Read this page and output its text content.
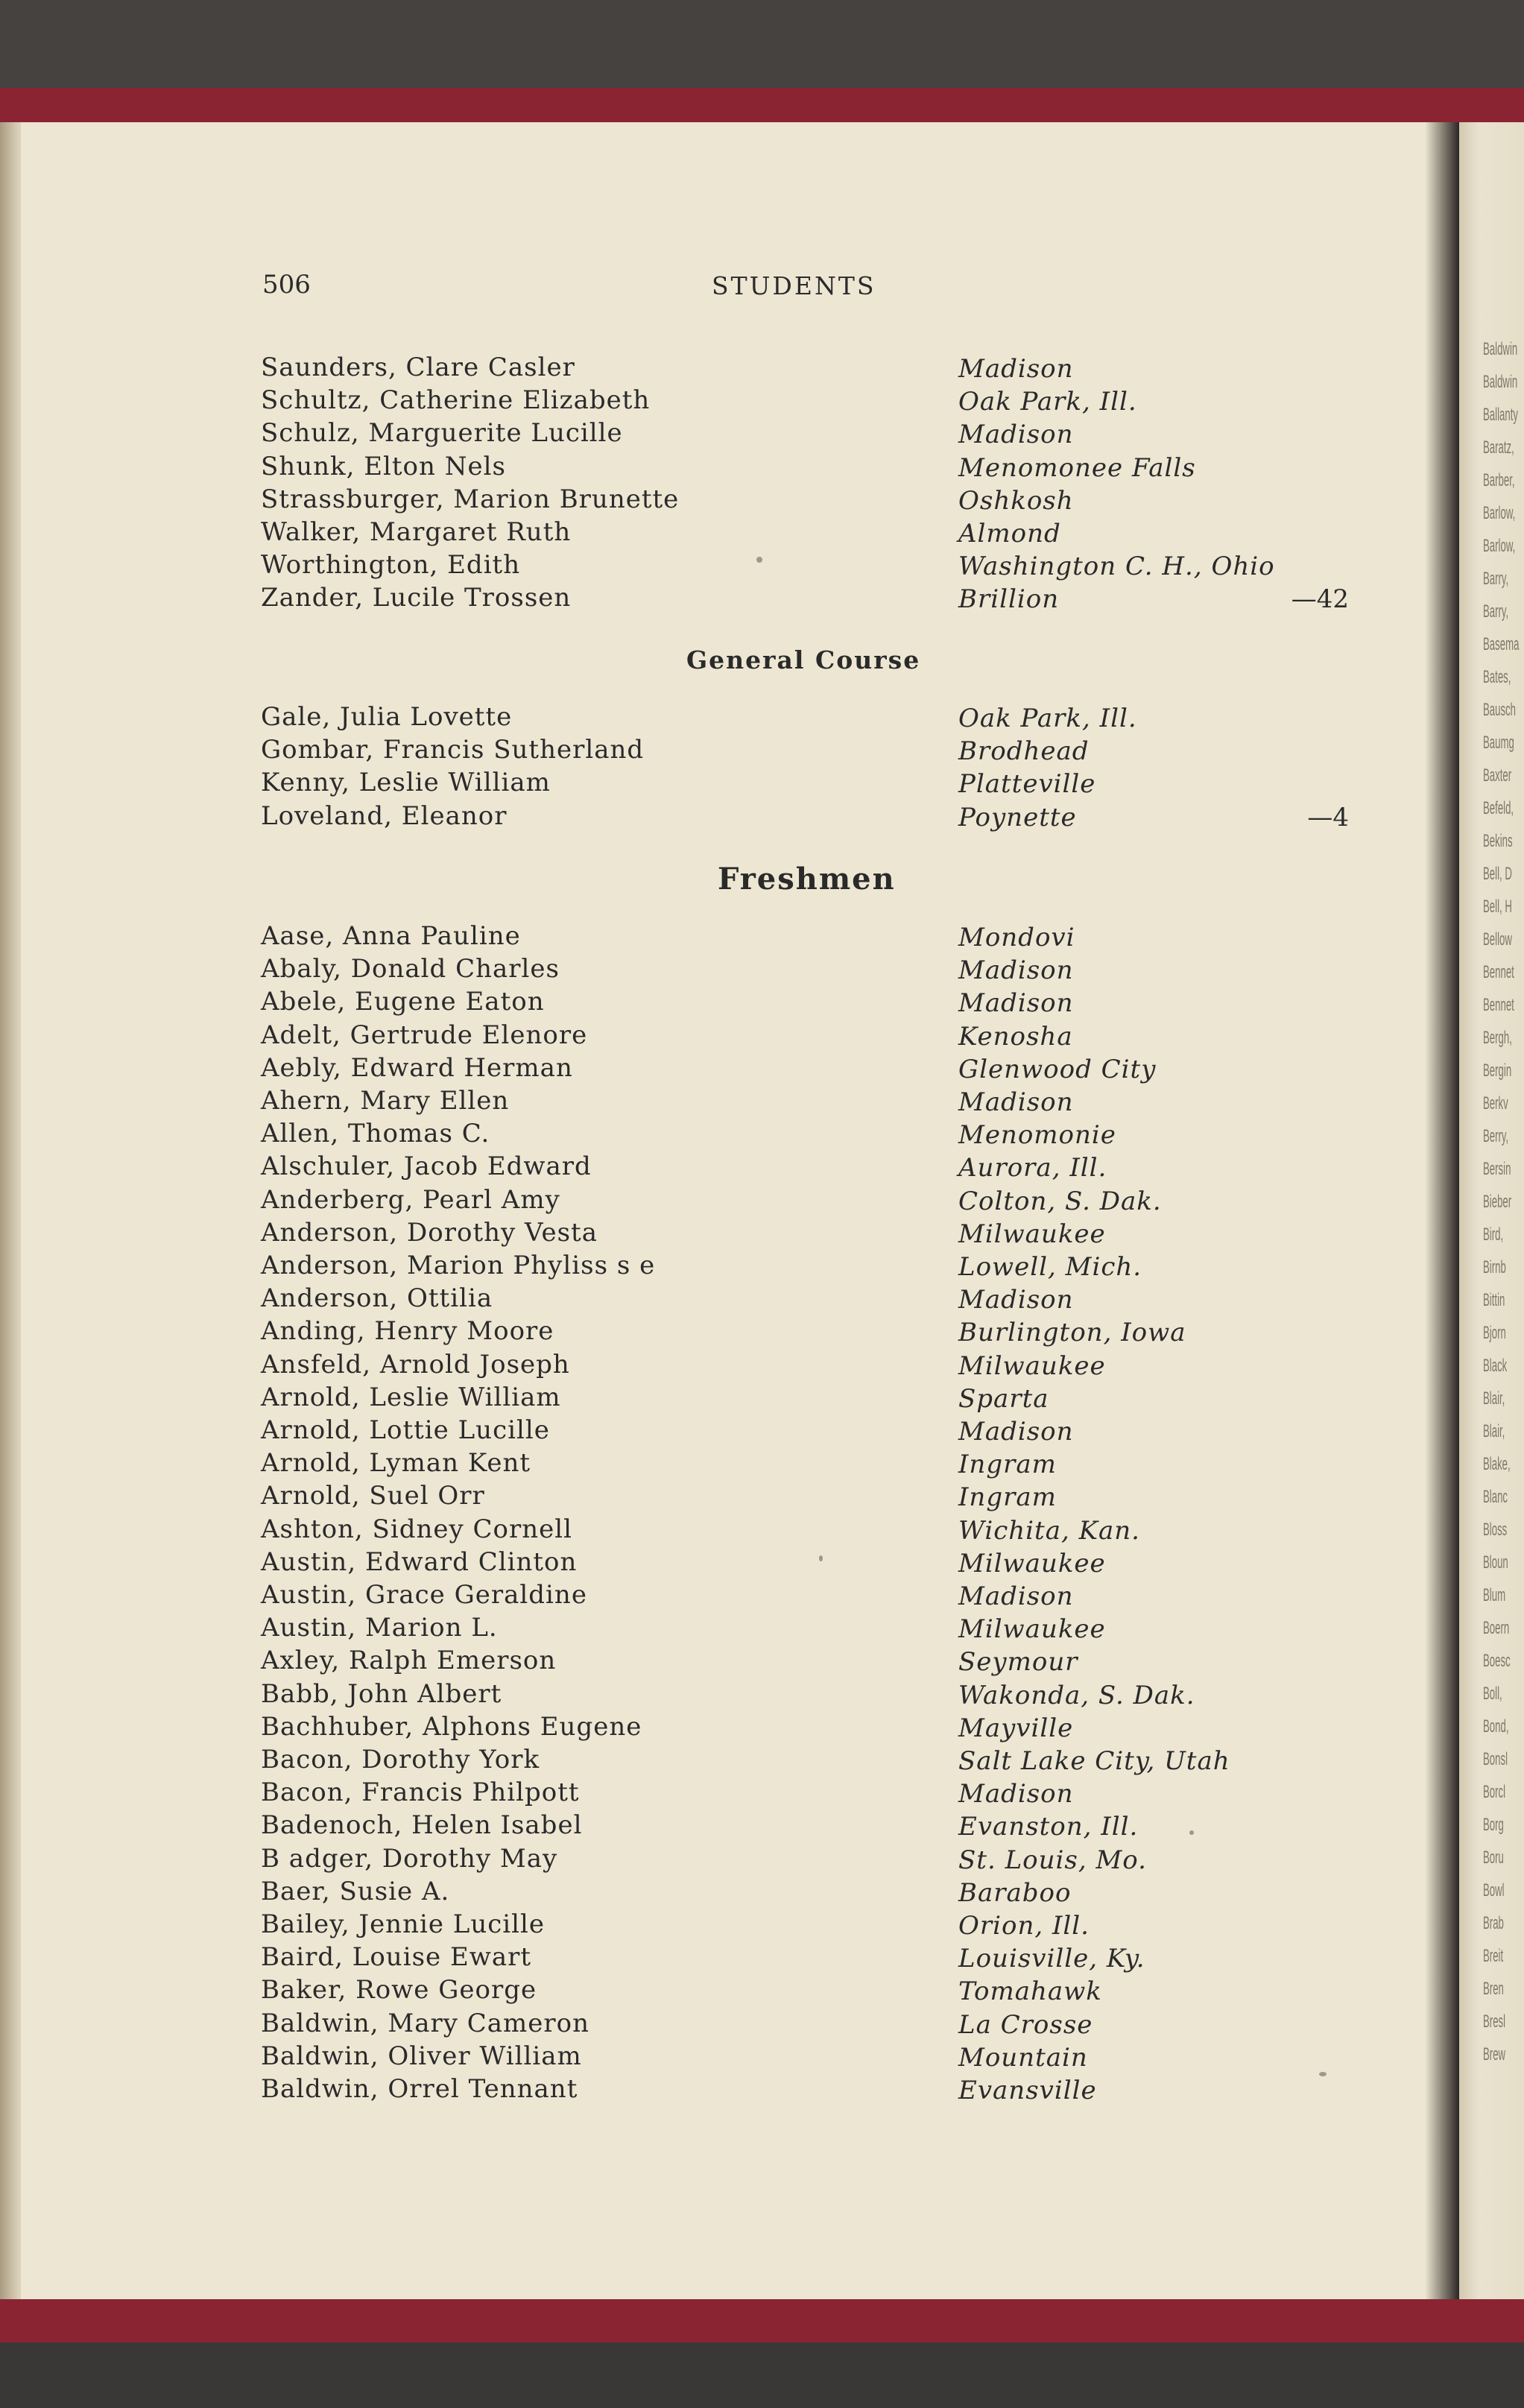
Baldwin
Baldwin
Ballanty
Baratz,
Barber,
Barlow,
Barlow,
Barry,
Barry,
Basema
Bates,
Bausch
Baumg
Baxter
Befeld,
Bekins
Bell, D
Bell, H
Bellow
Bennet
Bennet
Bergh,
Bergin
Berkv
Berry,
Bersin
Bieber
Bird,
Birnb
Bittin
Bjorn
Black
Blair,
Blair,
Blake,
Blanc
Bloss
Bloun
Blum
Boern
Boesc
Boll,
Bond,
Bonsl
Borcl
Borg
Boru
Bowl
Brab
Breit
Bren
Bresl
Brew
506	STUDENTS
Saunders, Clare Casler	Madison
Schultz, Catherine Elizabeth	Oak Park, Ill.
Schulz, Marguerite Lucille	Madison
Shunk, Elton Nels	Menomonee Falls
Strassburger, Marion Brunette	Oshkosh
Walker, Margaret Ruth	Almond
Worthington, Edith	Washington C. H., Ohio
Zander, Lucile Trossen	Brillion	—42
General Course
Gale, Julia Lovette	Oak Park, Ill.
Gombar, Francis Sutherland	Brodhead
Kenny, Leslie William	Platteville
Loveland, Eleanor	Poynette	—4
Freshmen
Aase, Anna Pauline	Mondovi
Abaly, Donald Charles	Madison
Abele, Eugene Eaton	Madison
Adelt, Gertrude Elenore	Kenosha
Aebly, Edward Herman	Glenwood City
Ahern, Mary Ellen	Madison
Allen, Thomas C.	Menomonie
Alschuler, Jacob Edward	Aurora, Ill.
Anderberg, Pearl Amy	Colton, S. Dak.
Anderson, Dorothy Vesta	Milwaukee
Anderson, Marion Phyliss s e	Lowell, Mich.
Anderson, Ottilia	Madison
Anding, Henry Moore	Burlington, Iowa
Ansfeld, Arnold Joseph	Milwaukee
Arnold, Leslie William	Sparta
Arnold, Lottie Lucille	Madison
Arnold, Lyman Kent	Ingram
Arnold, Suel Orr	Ingram
Ashton, Sidney Cornell	Wichita, Kan.
Austin, Edward Clinton	Milwaukee
Austin, Grace Geraldine	Madison
Austin, Marion L.	Milwaukee
Axley, Ralph Emerson	Seymour
Babb, John Albert	Wakonda, S. Dak.
Bachhuber, Alphons Eugene	Mayville
Bacon, Dorothy York	Salt Lake City, Utah
Bacon, Francis Philpott	Madison
Badenoch, Helen Isabel	Evanston, Ill.
B adger, Dorothy May	St. Louis, Mo.
Baer, Susie A.	Baraboo
Bailey, Jennie Lucille	Orion, Ill.
Baird, Louise Ewart	Louisville, Ky.
Baker, Rowe George	Tomahawk
Baldwin, Mary Cameron	La Crosse
Baldwin, Oliver William	Mountain
Baldwin, Orrel Tennant	Evansville
